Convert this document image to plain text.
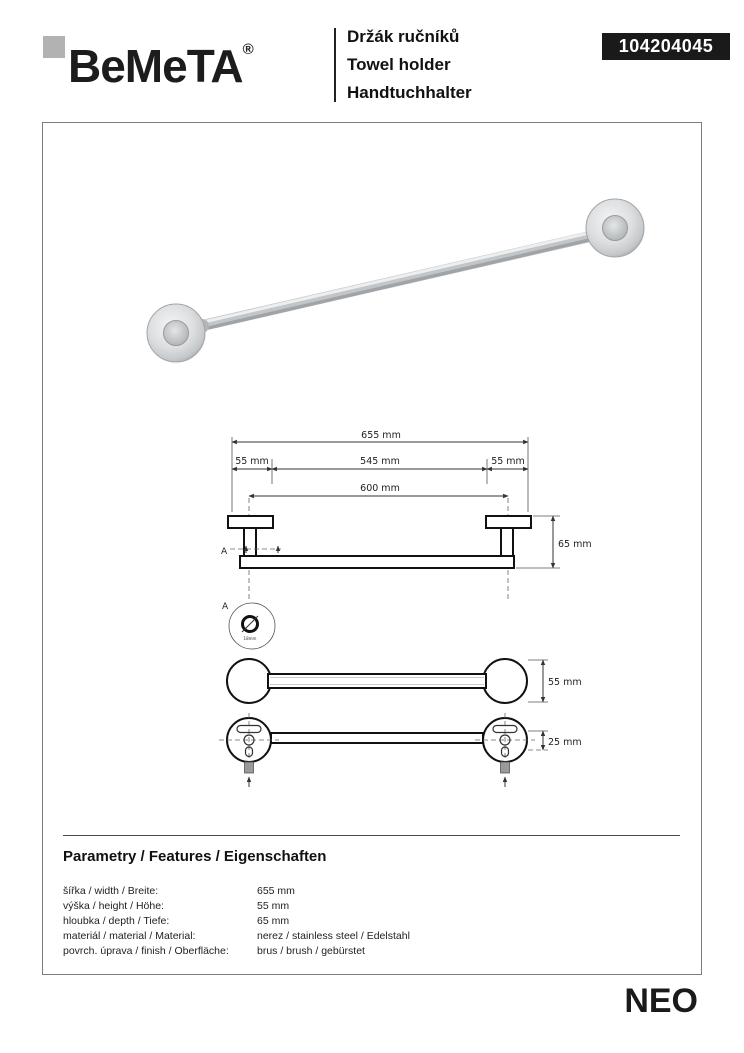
BeMeTA®
Držák ručníků
Towel holder
Handtuchhalter
104204045
655 mm
55 mm	545 mm	55 mm
600 mm
65 mm
A
A
18mm
55 mm
25 mm
Parametry / Features / Eigenschaften
šířka / width / Breite:	655 mm
výška / height / Höhe:	55 mm
hloubka / depth / Tiefe:	65 mm
materiál / material / Material:	nerez / stainless steel / Edelstahl
povrch. úprava / finish / Oberfläche:	brus / brush / gebürstet
NEO
